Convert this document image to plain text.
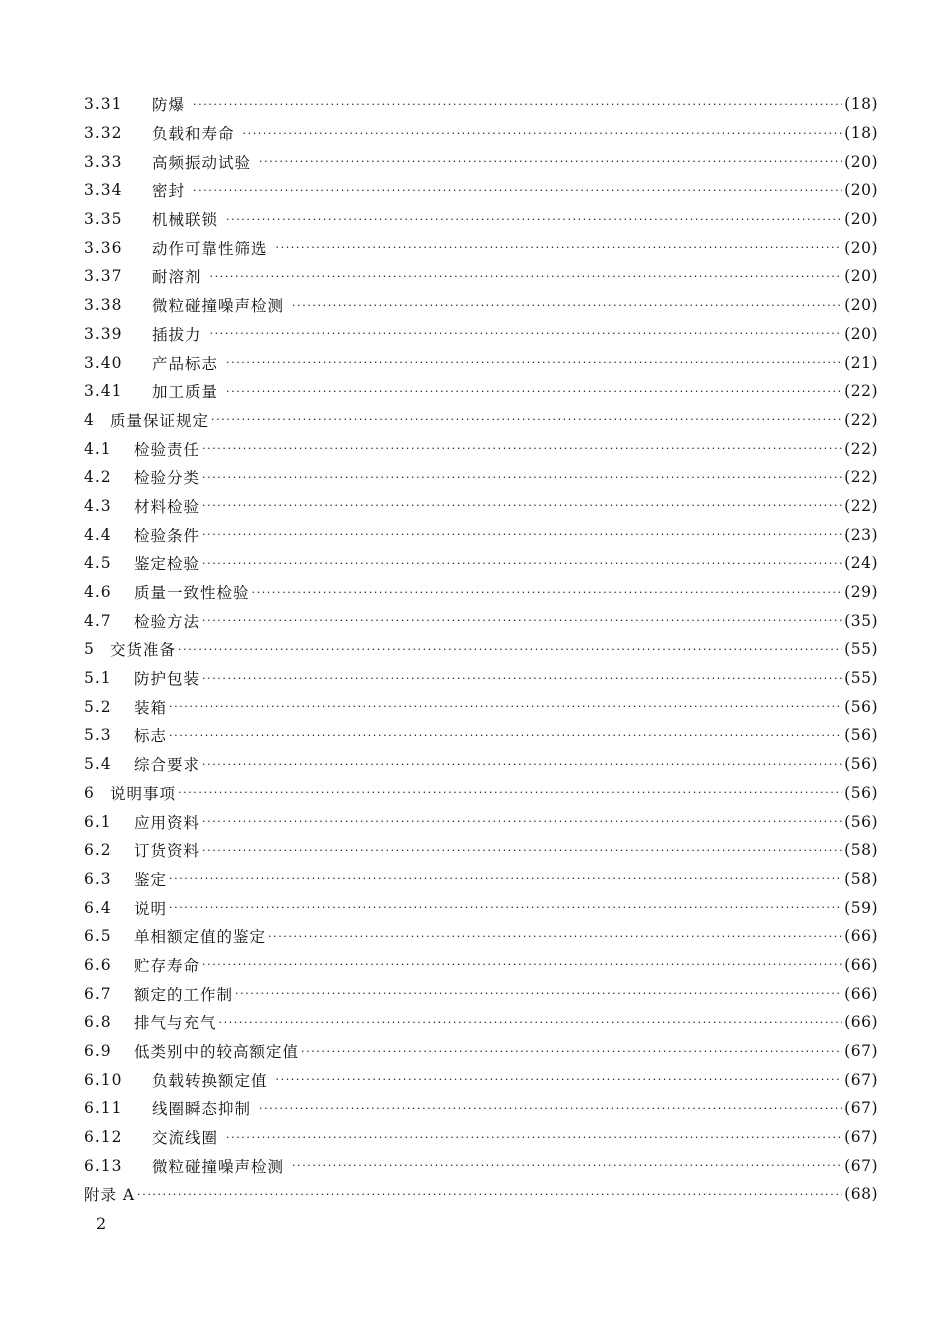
3.31	防爆 ·····	(18)
3.32	负载和寿命 ·····	(18)
3.33	高频振动试验 ·····	(20)
3.34	密封 ·····	(20)
3.35	机械联锁 ·····	(20)
3.36	动作可靠性筛选 ·····	(20)
3.37	耐溶剂 ·····	(20)
3.38	微粒碰撞噪声检测 ·····	(20)
3.39	插拔力 ·····	(20)
3.40	产品标志 ·····	(21)
3.41	加工质量 ·····	(22)
4 质量保证规定 ·····	(22)
4.1	检验责任 ·····	(22)
4.2	检验分类 ·····	(22)
4.3	材料检验 ·····	(22)
4.4	检验条件 ·····	(23)
4.5	鉴定检验 ·····	(24)
4.6	质量一致性检验 ·····	(29)
4.7	检验方法 ·····	(35)
5 交货准备 ·····	(55)
5.1	防护包装 ·····	(55)
5.2	装箱 ·····	(56)
5.3	标志 ·····	(56)
5.4	综合要求 ·····	(56)
6 说明事项 ·····	(56)
6.1	应用资料 ·····	(56)
6.2	订货资料 ·····	(58)
6.3	鉴定 ·····	(58)
6.4	说明 ·····	(59)
6.5	单相额定值的鉴定 ·····	(66)
6.6	贮存寿命 ·····	(66)
6.7	额定的工作制 ·····	(66)
6.8	排气与充气 ·····	(66)
6.9	低类别中的较高额定值 ·····	(67)
6.10	负载转换额定值 ·····	(67)
6.11	线圈瞬态抑制 ·····	(67)
6.12	交流线圈 ·····	(67)
6.13	微粒碰撞噪声检测 ·····	(67)
附录 A ·····	(68)
2
